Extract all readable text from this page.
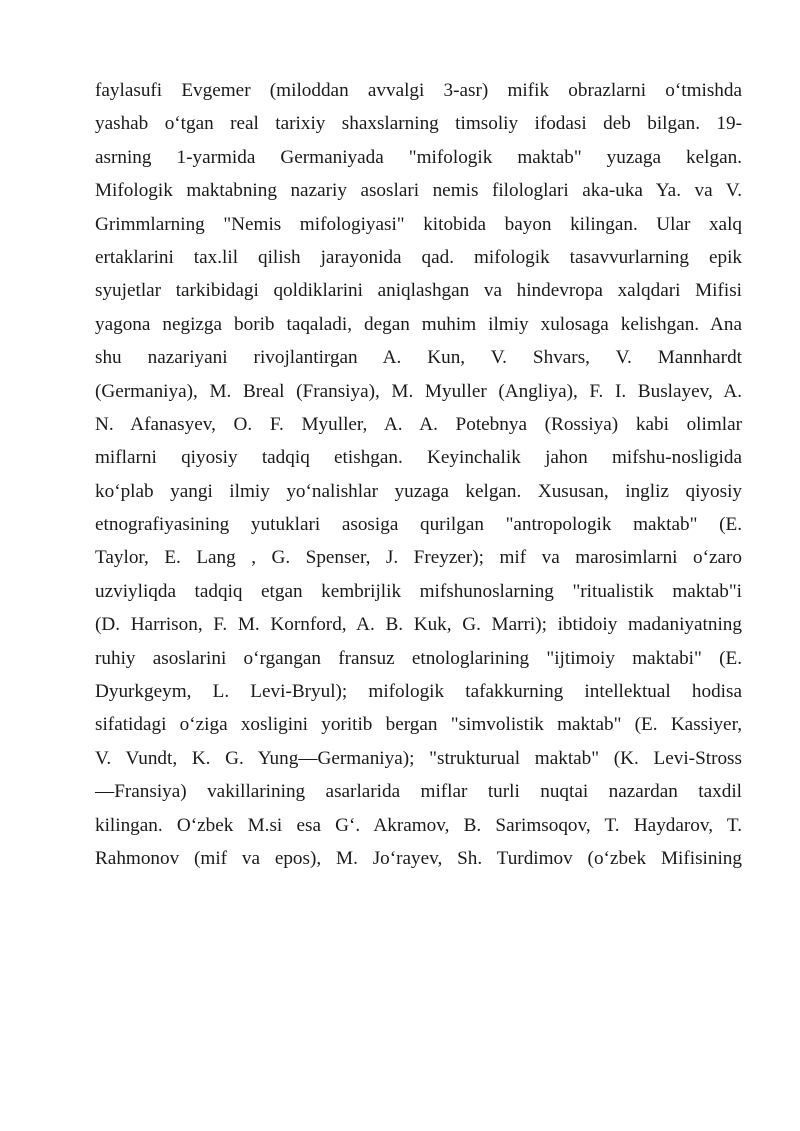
faylasufi Evgemer (miloddan avvalgi 3-asr) mifik obrazlarni o‘tmishda
yashab o‘tgan real tarixiy shaxslarning timsoliy ifodasi deb bilgan. 19-
asrning 1-yarmida Germaniyada "mifologik maktab" yuzaga kelgan.
Mifologik maktabning nazariy asoslari nemis filologlari aka-uka Ya. va V.
Grimmlarning "Nemis mifologiyasi" kitobida bayon kilingan. Ular xalq
ertaklarini tax.lil qilish jarayonida qad. mifologik tasavvurlarning epik
syujetlar tarkibidagi qoldiklarini aniqlashgan va hindevropa xalqdari Mifisi
yagona negizga borib taqaladi, degan muhim ilmiy xulosaga kelishgan. Ana
shu nazariyani rivojlantirgan A. Kun, V. Shvars, V. Mannhardt
(Germaniya), M. Breal (Fransiya), M. Myuller (Angliya), F. I. Buslayev, A.
N. Afanasyev, O. F. Myuller, A. A. Potebnya (Rossiya) kabi olimlar
miflarni qiyosiy tadqiq etishgan. Keyinchalik jahon mifshu-nosligida
ko‘plab yangi ilmiy yo‘nalishlar yuzaga kelgan. Xususan, ingliz qiyosiy
etnografiyasining yutuklari asosiga qurilgan "antropologik maktab" (E.
Taylor, E. Lang , G. Spenser, J. Freyzer); mif va marosimlarni o‘zaro
uzviyliqda tadqiq etgan kembrijlik mifshunoslarning "ritualistik maktab"i
(D. Harrison, F. M. Kornford, A. B. Kuk, G. Marri); ibtidoiy madaniyatning
ruhiy asoslarini o‘rgangan fransuz etnologlarining "ijtimoiy maktabi" (E.
Dyurkgeym, L. Levi-Bryul); mifologik tafakkurning intellektual hodisa
sifatidagi o‘ziga xosligini yoritib bergan "simvolistik maktab" (E. Kassiyer,
V. Vundt, K. G. Yung—Germaniya); "strukturual maktab" (K. Levi-Stross
—Fransiya) vakillarining asarlarida miflar turli nuqtai nazardan taxdil
kilingan. O‘zbek M.si esa G‘. Akramov, B. Sarimsoqov, T. Haydarov, T.
Rahmonov (mif va epos), M. Jo‘rayev, Sh. Turdimov (o‘zbek Mifisining
